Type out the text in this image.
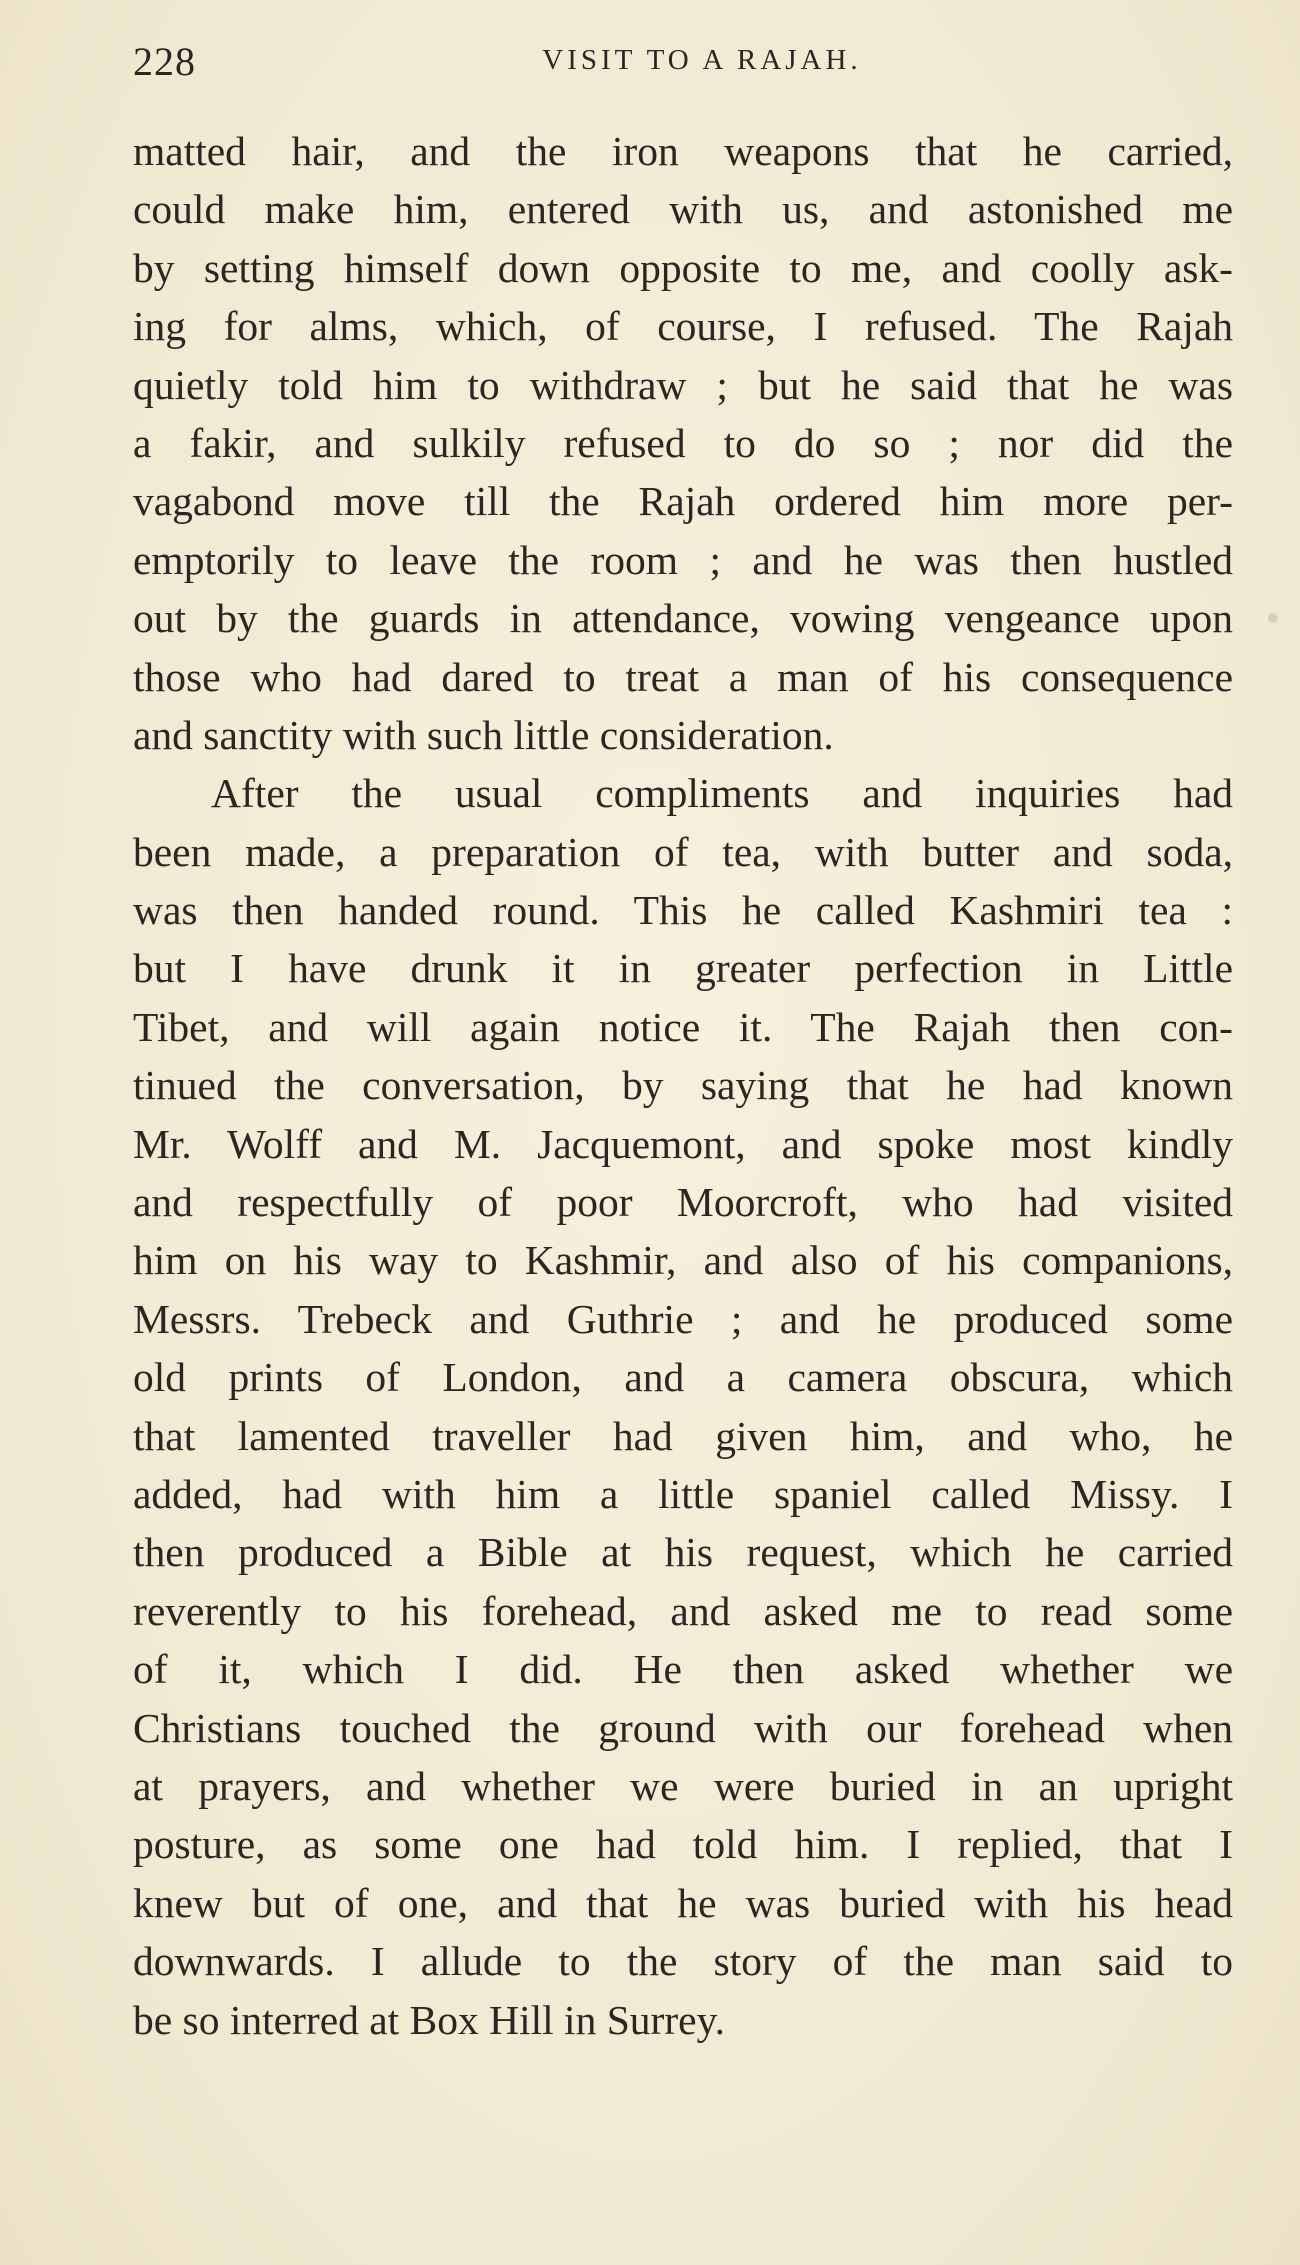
228	VISIT TO A RAJAH.
matted hair, and the iron weapons that he carried,
could make him, entered with us, and astonished me
by setting himself down opposite to me, and coolly ask-
ing for alms, which, of course, I refused. The Rajah
quietly told him to withdraw ; but he said that he was
a fakir, and sulkily refused to do so ; nor did the
vagabond move till the Rajah ordered him more per-
emptorily to leave the room ; and he was then hustled
out by the guards in attendance, vowing vengeance upon
those who had dared to treat a man of his consequence
and sanctity with such little consideration.
After the usual compliments and inquiries had
been made, a preparation of tea, with butter and soda,
was then handed round. This he called Kashmiri tea :
but I have drunk it in greater perfection in Little
Tibet, and will again notice it. The Rajah then con-
tinued the conversation, by saying that he had known
Mr. Wolff and M. Jacquemont, and spoke most kindly
and respectfully of poor Moorcroft, who had visited
him on his way to Kashmir, and also of his companions,
Messrs. Trebeck and Guthrie ; and he produced some
old prints of London, and a camera obscura, which
that lamented traveller had given him, and who, he
added, had with him a little spaniel called Missy. I
then produced a Bible at his request, which he carried
reverently to his forehead, and asked me to read some
of it, which I did. He then asked whether we
Christians touched the ground with our forehead when
at prayers, and whether we were buried in an upright
posture, as some one had told him. I replied, that I
knew but of one, and that he was buried with his head
downwards. I allude to the story of the man said to
be so interred at Box Hill in Surrey.
